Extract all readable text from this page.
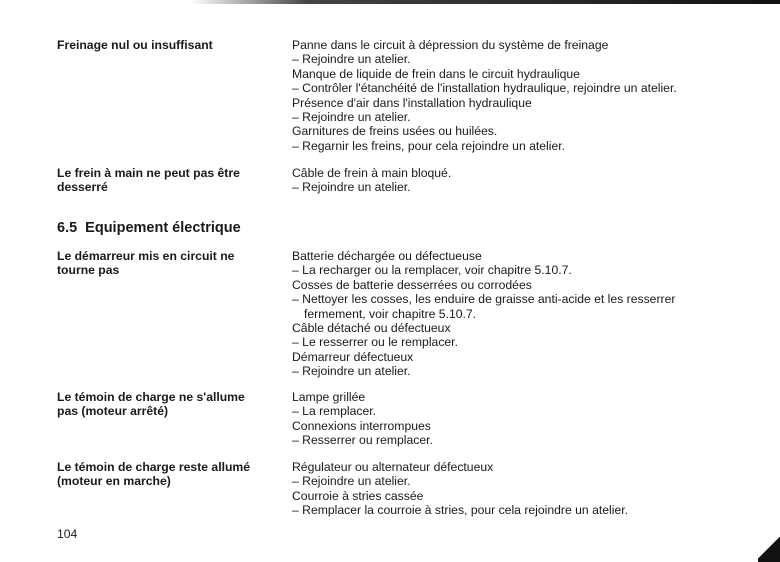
Freinage nul ou insuffisant	Panne dans le circuit à dépression du système de freinage
– Rejoindre un atelier.
Manque de liquide de frein dans le circuit hydraulique
– Contrôler l'étanchéité de l'installation hydraulique, rejoindre un atelier.
Présence d'air dans l'installation hydraulique
– Rejoindre un atelier.
Garnitures de freins usées ou huilées.
– Regarnir les freins, pour cela rejoindre un atelier.
Le frein à main ne peut pas être
desserré
Câble de frein à main bloqué.
– Rejoindre un atelier.
6.5 Equipement électrique
Le démarreur mis en circuit ne
tourne pas
Batterie déchargée ou défectueuse
– La recharger ou la remplacer, voir chapitre 5.10.7.
Cosses de batterie desserrées ou corrodées
– Nettoyer les cosses, les enduire de graisse anti-acide et les resserrer
fermement, voir chapitre 5.10.7.
Câble détaché ou défectueux
– Le resserrer ou le remplacer.
Démarreur défectueux
– Rejoindre un atelier.
Le témoin de charge ne s'allume
pas (moteur arrêté)
Lampe grillée
– La remplacer.
Connexions interrompues
– Resserrer ou remplacer.
Le témoin de charge reste allumé
(moteur en marche)
Régulateur ou alternateur défectueux
– Rejoindre un atelier.
Courroie à stries cassée
– Remplacer la courroie à stries, pour cela rejoindre un atelier.
104
